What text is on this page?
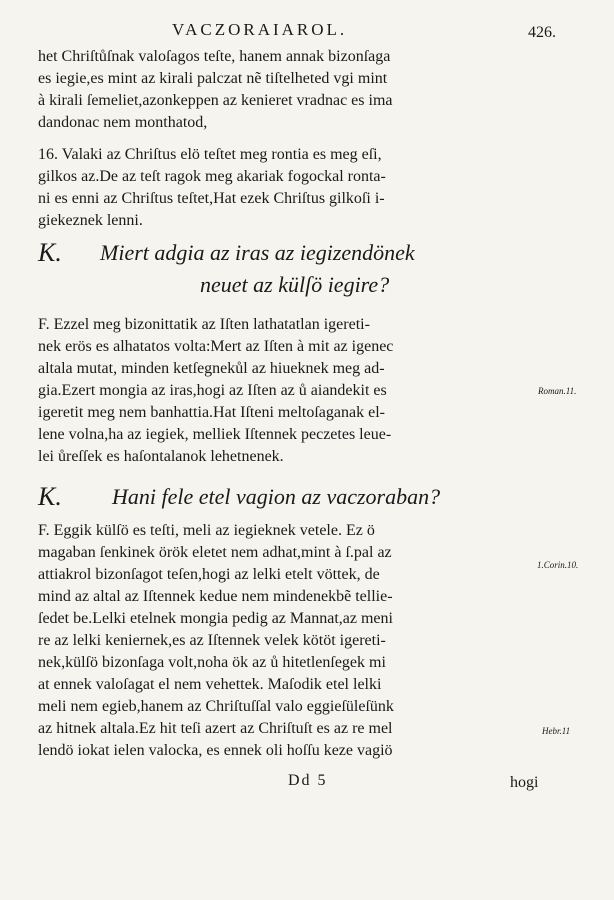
VACZORAIAROL.	426.
het Chriſtůſnak valoſagos teſte, hanem annak bizonſaga
es iegie,es mint az kirali palczat nẽ tiſtelheted vgi mint
à kirali ſemeliet,azonkeppen az kenieret vradnac es ima
dandonac nem monthatod,
16. Valaki az Chriſtus elö teſtet meg rontia es meg eſi,
gilkos az.De az teſt ragok meg akariak fogockal ronta-
ni es enni az Chriſtus teſtet,Hat ezek Chriſtus gilkoſi i-
giekeznek lenni.
K. Miert adgia az iras az iegizendönek
neuet az külſö iegire?
F. Ezzel meg bizonittatik az Iſten lathatatlan igereti-
nek erös es alhatatos volta:Mert az Iſten à mit az igenec
altala mutat, minden ketſegnekůl az hiueknek meg ad-
gia.Ezert mongia az iras,hogi az Iſten az ů aiandekit es	Roman.11.
igeretit meg nem banhattia.Hat Iſteni meltoſaganak el-
lene volna,ha az iegiek, melliek Iſtennek peczetes leue-
lei ůreſſek es haſontalanok lehetnenek.
K. Hani fele etel vagion az vaczoraban?
F. Eggik külſö es teſti, meli az iegieknek vetele. Ez ö
magaban ſenkinek örök eletet nem adhat,mint à ſ.pal az
1.Corin.10.
attiakrol bizonſagot teſen,hogi az lelki etelt vöttek, de
mind az altal az Iſtennek kedue nem mindenekbẽ tellie-
ſedet be.Lelki etelnek mongia pedig az Mannat,az meni
re az lelki keniernek,es az Iſtennek velek kötöt igereti-
nek,külſö bizonſaga volt,noha ök az ů hitetlenſegek mi
at ennek valoſagat el nem vehettek. Maſodik etel lelki
meli nem egieb,hanem az Chriſtuſſal valo eggieſüleſünk
az hitnek altala.Ez hit teſi azert az Chriſtuſt es az re mel	Hebr.11
lendö iokat ielen valocka, es ennek oli hoſſu keze vagiö
Dd 5	hogi
